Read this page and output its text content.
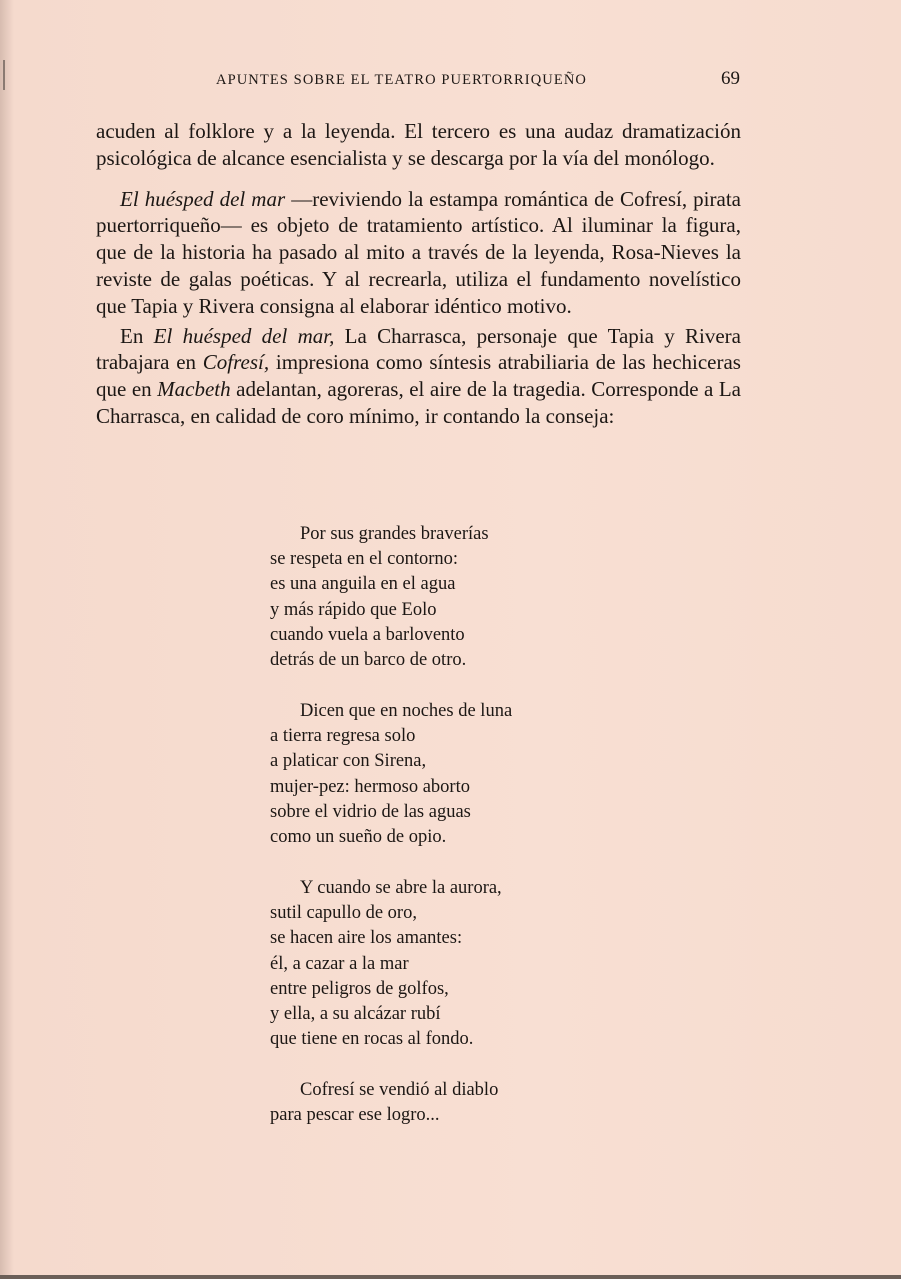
APUNTES SOBRE EL TEATRO PUERTORRIQUEÑO	69

acuden al folklore y a la leyenda. El tercero es una audaz dramatización psicológica de alcance esencialista y se descarga por la vía del monólogo.

El huésped del mar —reviviendo la estampa romántica de Cofresí, pirata puertorriqueño— es objeto de tratamiento artístico. Al iluminar la figura, que de la historia ha pasado al mito a través de la leyenda, Rosa-Nieves la reviste de galas poéticas. Y al recrearla, utiliza el fundamento novelístico que Tapia y Rivera consigna al elaborar idéntico motivo.

En El huésped del mar, La Charrasca, personaje que Tapia y Rivera trabajara en Cofresí, impresiona como síntesis atrabiliaria de las hechiceras que en Macbeth adelantan, agoreras, el aire de la tragedia. Corresponde a La Charrasca, en calidad de coro mínimo, ir contando la conseja:

Por sus grandes braverías
se respeta en el contorno:
es una anguila en el agua
y más rápido que Eolo
cuando vuela a barlovento
detrás de un barco de otro.
Dicen que en noches de luna
a tierra regresa solo
a platicar con Sirena,
mujer-pez: hermoso aborto
sobre el vidrio de las aguas
como un sueño de opio.
Y cuando se abre la aurora,
sutil capullo de oro,
se hacen aire los amantes:
él, a cazar a la mar
entre peligros de golfos,
y ella, a su alcázar rubí
que tiene en rocas al fondo.
Cofresí se vendió al diablo
para pescar ese logro...
